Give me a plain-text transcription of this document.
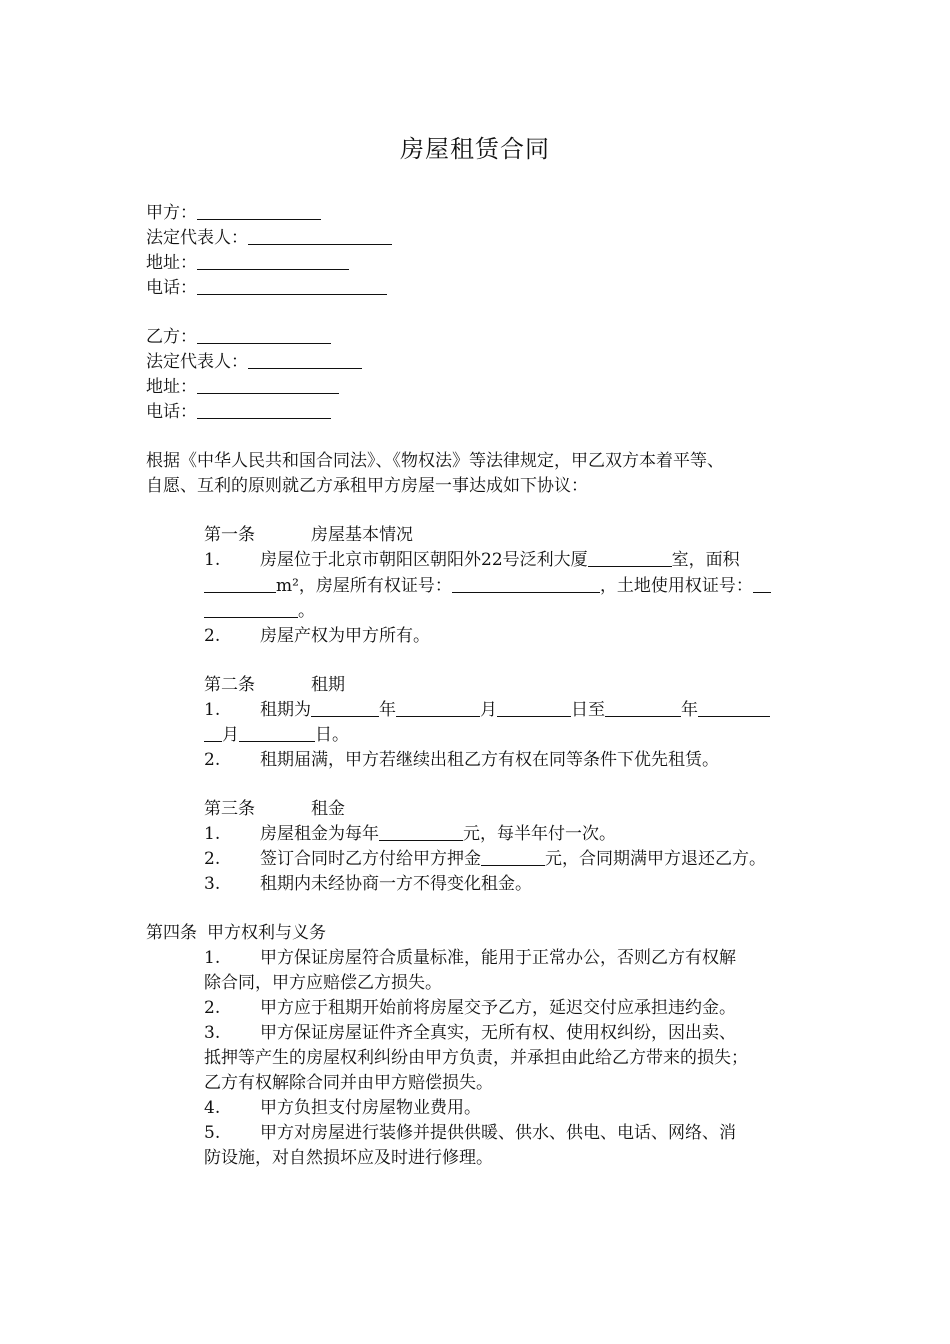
房屋租赁合同
甲方：
法定代表人：
地址：
电话：
乙方：
法定代表人：
地址：
电话：
根据《中华人民共和国合同法》、《物权法》等法律规定，甲乙双方本着平等、
自愿、互利的原则就乙方承租甲方房屋一事达成如下协议：
第一条	房屋基本情况
1. 房屋位于北京市朝阳区朝阳外22号泛利大厦	室，面积
m²，房屋所有权证号：	，土地使用权证号：
。
2. 房屋产权为甲方所有。
第二条	租期
1. 租期为	年	月	日至	年
月	日。
2. 租期届满，甲方若继续出租乙方有权在同等条件下优先租赁。
第三条	租金
1. 房屋租金为每年	元，每半年付一次。
2. 签订合同时乙方付给甲方押金	元，合同期满甲方退还乙方。
3. 租期内未经协商一方不得变化租金。
第四条 甲方权利与义务
1. 甲方保证房屋符合质量标准，能用于正常办公，否则乙方有权解
除合同，甲方应赔偿乙方损失。
2. 甲方应于租期开始前将房屋交予乙方，延迟交付应承担违约金。
3. 甲方保证房屋证件齐全真实，无所有权、使用权纠纷，因出卖、
抵押等产生的房屋权利纠纷由甲方负责，并承担由此给乙方带来的损失；
乙方有权解除合同并由甲方赔偿损失。
4. 甲方负担支付房屋物业费用。
5. 甲方对房屋进行装修并提供供暖、供水、供电、电话、网络、消
防设施，对自然损坏应及时进行修理。
